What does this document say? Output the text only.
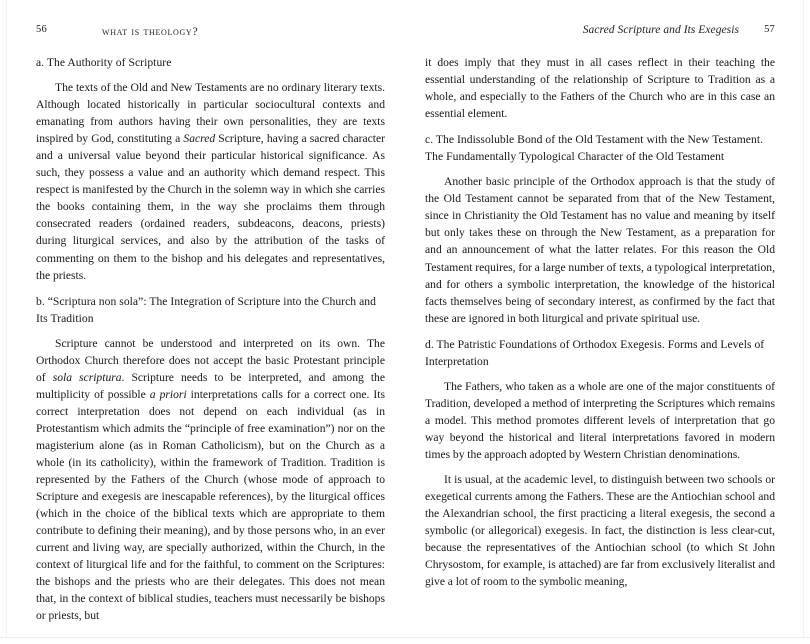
56	what is theology?
a. The Authority of Scripture

The texts of the Old and New Testaments are no ordinary literary texts. Although located historically in particular sociocultural contexts and emanating from authors having their own personalities, they are texts inspired by God, constituting a Sacred Scripture, having a sacred character and a universal value beyond their particular historical significance. As such, they possess a value and an authority which demand respect. This respect is manifested by the Church in the solemn way in which she carries the books containing them, in the way she proclaims them through consecrated readers (ordained readers, subdeacons, deacons, priests) during liturgical services, and also by the attribution of the tasks of commenting on them to the bishop and his delegates and representatives, the priests.

b. “Scriptura non sola”: The Integration of Scripture into the Church and Its Tradition

Scripture cannot be understood and interpreted on its own. The Orthodox Church therefore does not accept the basic Protestant principle of sola scriptura. Scripture needs to be interpreted, and among the multiplicity of possible a priori interpretations calls for a correct one. Its correct interpretation does not depend on each individual (as in Protestantism which admits the “principle of free examination”) nor on the magisterium alone (as in Roman Catholicism), but on the Church as a whole (in its catholicity), within the framework of Tradition. Tradition is represented by the Fathers of the Church (whose mode of approach to Scripture and exegesis are inescapable references), by the liturgical offices (which in the choice of the biblical texts which are appropriate to them contribute to defining their meaning), and by those persons who, in an ever current and living way, are specially authorized, within the Church, in the context of liturgical life and for the faithful, to comment on the Scriptures: the bishops and the priests who are their delegates. This does not mean that, in the context of biblical studies, teachers must necessarily be bishops or priests, but

Sacred Scripture and Its Exegesis 57

it does imply that they must in all cases reflect in their teaching the essential understanding of the relationship of Scripture to Tradition as a whole, and especially to the Fathers of the Church who are in this case an essential element.

c. The Indissoluble Bond of the Old Testament with the New Testament. The Fundamentally Typological Character of the Old Testament

Another basic principle of the Orthodox approach is that the study of the Old Testament cannot be separated from that of the New Testament, since in Christianity the Old Testament has no value and meaning by itself but only takes these on through the New Testament, as a preparation for and an announcement of what the latter relates. For this reason the Old Testament requires, for a large number of texts, a typological interpretation, and for others a symbolic interpretation, the knowledge of the historical facts themselves being of secondary interest, as confirmed by the fact that these are ignored in both liturgical and private spiritual use.

d. The Patristic Foundations of Orthodox Exegesis. Forms and Levels of Interpretation

The Fathers, who taken as a whole are one of the major constituents of Tradition, developed a method of interpreting the Scriptures which remains a model. This method promotes different levels of interpretation that go way beyond the historical and literal interpretations favored in modern times by the approach adopted by Western Christian denominations.

It is usual, at the academic level, to distinguish between two schools or exegetical currents among the Fathers. These are the Antiochian school and the Alexandrian school, the first practicing a literal exegesis, the second a symbolic (or allegorical) exegesis. In fact, the distinction is less clear-cut, because the representatives of the Antiochian school (to which St John Chrysostom, for example, is attached) are far from exclusively literalist and give a lot of room to the symbolic meaning,
